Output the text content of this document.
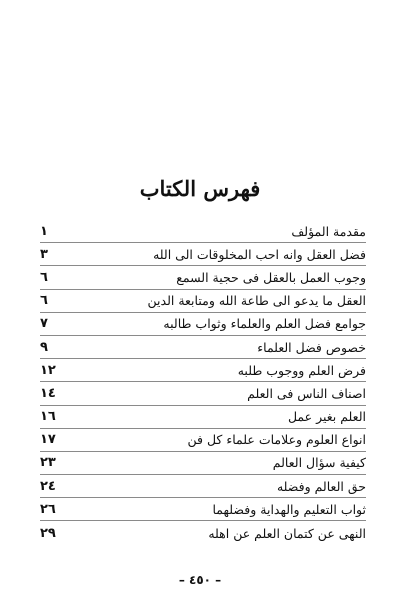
فهرس الكتاب
مقدمة المؤلف
١
فضل العقل وانه احب المخلوقات الى الله
٣
وجوب العمل بالعقل فى حجية السمع
٦
العقل ما يدعو الى طاعة الله ومتابعة الدين
٦
جوامع فضل العلم والعلماء وثواب طالبه
٧
خصوص فضل العلماء
٩
فرض العلم ووجوب طلبه
١٢
اصناف الناس فى العلم
١٤
العلم بغير عمل
١٦
انواع العلوم وعلامات علماء كل فن
١٧
كيفية سؤال العالم
٢٣
حق العالم وفضله
٢٤
ثواب التعليم والهداية وفضلهما
٢٦
النهى عن كتمان العلم عن اهله
٢٩
– ٤٥٠ –
